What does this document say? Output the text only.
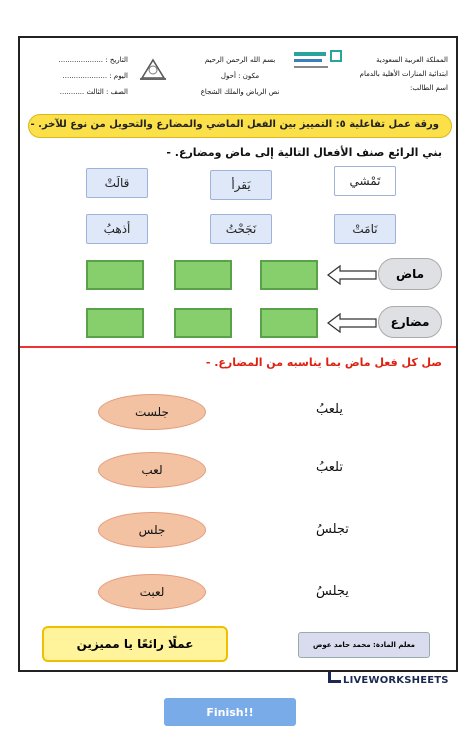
المملكة العربية السعودية
ابتدائية المنارات الأهلية بالدمام
اسم الطالب:
بسم الله الرحمن الرحيم
مكون : أحول
نص الرياض والملك الشجاع
التاريخ : ....................
اليوم : ....................
الصف : الثالث ...........
ورقة عمل تفاعلية ٥: التمييز بين الفعل الماضي والمضارع والتحويل من نوع للآخر. -
بني الرائع صنف الأفعال التالية إلى ماض ومضارع. -
قالَتْ	يَقرأ	تَمْشي
أذهبُ	نَجَحْتُ	نَامَتْ
ماض
مضارع
صل كل فعل ماض بما يناسبه من المضارع. -
جلست
لعب
جلس
لعبت
يلعبُ
تلعبُ
تجلسُ
يجلسُ
عملًا رائعًا يا مميزين	معلم المادة: محمد حامد عوض
LIVEWORKSHEETS
Finish!!
